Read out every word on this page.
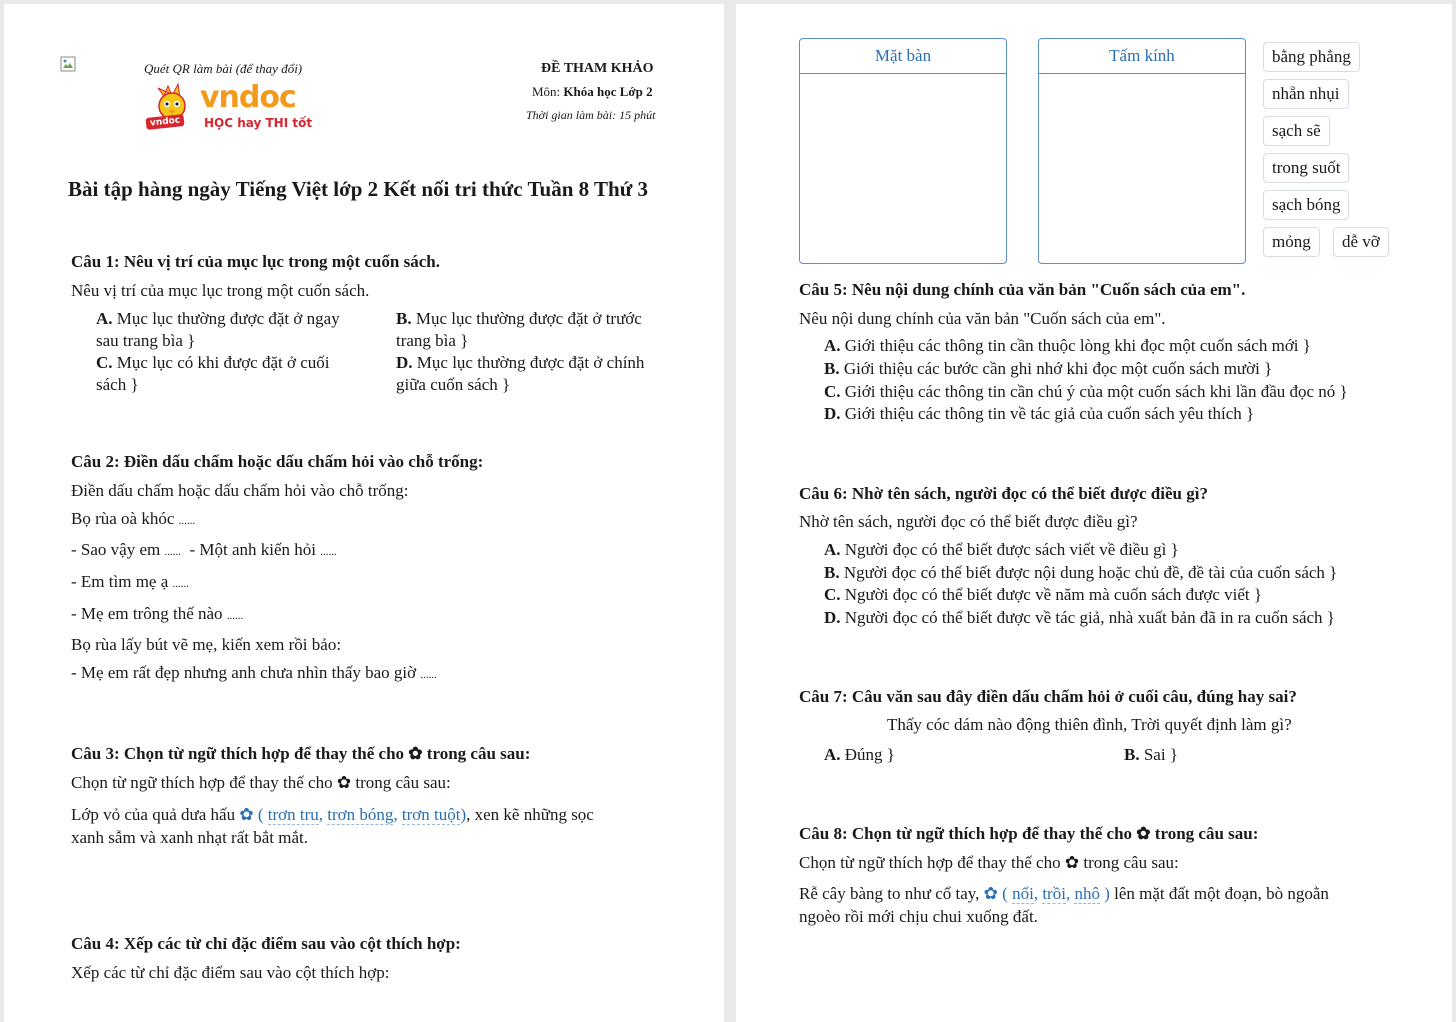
Quét QR làm bài (để thay đổi)
vndoc
vndoc	HỌC hay THI tốt
ĐỀ THAM KHẢO
Môn: Khóa học Lớp 2
Thời gian làm bài: 15 phút
Bài tập hàng ngày Tiếng Việt lớp 2 Kết nối tri thức Tuần 8 Thứ 3
Câu 1: Nêu vị trí của mục lục trong một cuốn sách.
Nêu vị trí của mục lục trong một cuốn sách.
A. Mục lục thường được đặt ở ngay
sau trang bìa }
B. Mục lục thường được đặt ở trước
trang bìa }
C. Mục lục có khi được đặt ở cuối
sách }
D. Mục lục thường được đặt ở chính
giữa cuốn sách }
Câu 2: Điền dấu chấm hoặc dấu chấm hỏi vào chỗ trống:
Điền dấu chấm hoặc dấu chấm hỏi vào chỗ trống:
Bọ rùa oà khóc ......
- Sao vậy em ...... - Một anh kiến hỏi ......
- Em tìm mẹ ạ ......
- Mẹ em trông thế nào ......
Bọ rùa lấy bút vẽ mẹ, kiến xem rồi bảo:
- Mẹ em rất đẹp nhưng anh chưa nhìn thấy bao giờ ......
Câu 3: Chọn từ ngữ thích hợp để thay thế cho ✿ trong câu sau:
Chọn từ ngữ thích hợp để thay thế cho ✿ trong câu sau:
Lớp vỏ của quả dưa hấu ✿ ( trơn tru, trơn bóng, trơn tuột), xen kẽ những sọc
xanh sẫm và xanh nhạt rất bắt mắt.
Câu 4: Xếp các từ chỉ đặc điểm sau vào cột thích hợp:
Xếp các từ chỉ đặc điểm sau vào cột thích hợp:
Mặt bàn	Tấm kính	bằng phẳng
nhẵn nhụi
sạch sẽ
trong suốt
sạch bóng
mỏng	dễ vỡ
Câu 5: Nêu nội dung chính của văn bản "Cuốn sách của em".
Nêu nội dung chính của văn bản "Cuốn sách của em".
A. Giới thiệu các thông tin cần thuộc lòng khi đọc một cuốn sách mới }
B. Giới thiệu các bước cần ghi nhớ khi đọc một cuốn sách mười }
C. Giới thiệu các thông tin cần chú ý của một cuốn sách khi lần đầu đọc nó }
D. Giới thiệu các thông tin về tác giả của cuốn sách yêu thích }
Câu 6: Nhờ tên sách, người đọc có thể biết được điều gì?
Nhờ tên sách, người đọc có thể biết được điều gì?
A. Người đọc có thể biết được sách viết về điều gì }
B. Người đọc có thể biết được nội dung hoặc chủ đề, đề tài của cuốn sách }
C. Người đọc có thể biết được về năm mà cuốn sách được viết }
D. Người đọc có thể biết được về tác giả, nhà xuất bản đã in ra cuốn sách }
Câu 7: Câu văn sau đây điền dấu chấm hỏi ở cuối câu, đúng hay sai?
Thấy cóc dám nào động thiên đình, Trời quyết định làm gì?
A. Đúng }	B. Sai }
Câu 8: Chọn từ ngữ thích hợp để thay thế cho ✿ trong câu sau:
Chọn từ ngữ thích hợp để thay thế cho ✿ trong câu sau:
Rễ cây bàng to như cổ tay, ✿ ( nổi, trồi, nhô ) lên mặt đất một đoạn, bò ngoằn
ngoèo rồi mới chịu chui xuống đất.
